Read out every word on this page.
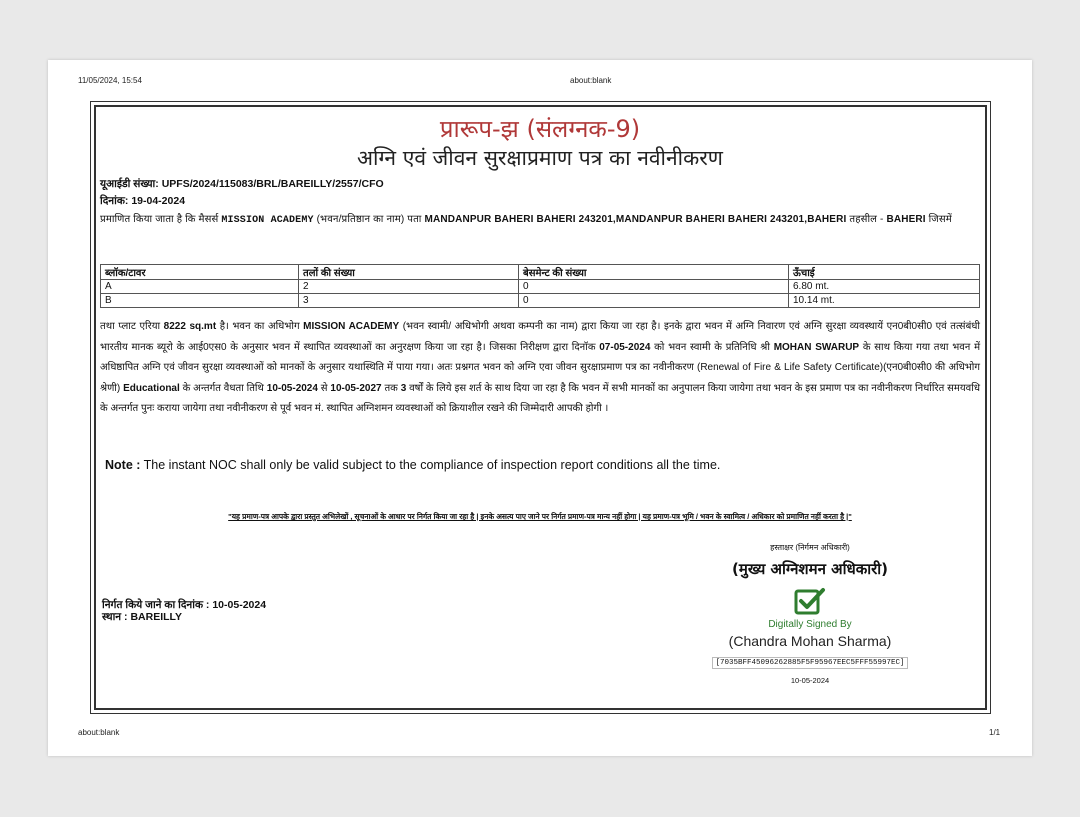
11/05/2024, 15:54	about:blank
about:blank	1/1
प्रारूप-झ (संलग्नक-9)
अग्नि एवं जीवन सुरक्षाप्रमाण पत्र का नवीनीकरण
यूआईडी संख्या: UPFS/2024/115083/BRL/BAREILLY/2557/CFO
दिनांक: 19-04-2024
प्रमाणित किया जाता है कि मैसर्स MISSION ACADEMY (भवन/प्रतिष्ठान का नाम) पता MANDANPUR BAHERI BAHERI 243201,MANDANPUR BAHERI BAHERI 243201,BAHERI तहसील - BAHERI जिसमें
ब्लॉक/टावर	तलों की संख्या	बेसमेन्ट की संख्या	ऊँचाई
A	2	0	6.80 mt.
B	3	0	10.14 mt.
तथा प्लाट एरिया 8222 sq.mt है। भवन का अधिभोग MISSION ACADEMY (भवन स्वामी/ अधिभोगी अथवा कम्पनी का नाम) द्वारा किया जा रहा है। इनके द्वारा भवन में अग्नि निवारण एवं अग्नि सुरक्षा व्यवस्थायें एन0बी0सी0 एवं तत्संबंधी भारतीय मानक ब्यूरो के आई0एस0 के अनुसार भवन में स्थापित व्यवस्थाओं का अनुरक्षण किया जा रहा है। जिसका निरीक्षण द्वारा दिनॉक 07-05-2024 को भवन स्वामी के प्रतिनिधि श्री MOHAN SWARUP के साथ किया गया तथा भवन में अधिष्ठापित अग्नि एवं जीवन सुरक्षा व्यवस्थाओं को मानकों के अनुसार यथास्थिति में पाया गया। अतः प्रश्नगत भवन को अग्नि एवा जीवन सुरक्षाप्रमाण पत्र का नवीनीकरण (Renewal of Fire & Life Safety Certificate)(एन0बी0सी0 की अधिभोग श्रेणी) Educational के अन्तर्गत वैधता तिथि 10-05-2024 से 10-05-2027 तक 3 वर्षों के लिये इस शर्त के साथ दिया जा रहा है कि भवन में सभी मानकों का अनुपालन किया जायेगा तथा भवन के इस प्रमाण पत्र का नवीनीकरण निर्धारित समयवधि के अन्तर्गत पुनः कराया जायेगा तथा नवीनीकरण से पूर्व भवन मं. स्थापित अग्निशमन व्यवस्थाओं को क्रियाशील रखने की जिम्मेदारी आपकी होगी ।
Note : The instant NOC shall only be valid subject to the compliance of inspection report conditions all the time.
"यह प्रमाण-पत्र आपके द्वारा प्रस्तुत अभिलेखों , सूचनाओं के आधार पर निर्गत किया जा रहा है | इनके असत्य पाए जाने पर निर्गत प्रमाण-पत्र मान्य नहीं होगा | यह प्रमाण-पत्र भूमि / भवन के स्वामित्व / अधिकार को प्रमाणित नहीं करता है |"
निर्गत किये जाने का दिनांक : 10-05-2024
स्थान : BAREILLY
हस्ताक्षर (निर्गमन अधिकारी)
(मुख्य अग्निशमन अधिकारी)
Digitally Signed By
(Chandra Mohan Sharma)
[7035BFF45096262885F5F95967EEC5FFF55997EC]
10-05-2024
